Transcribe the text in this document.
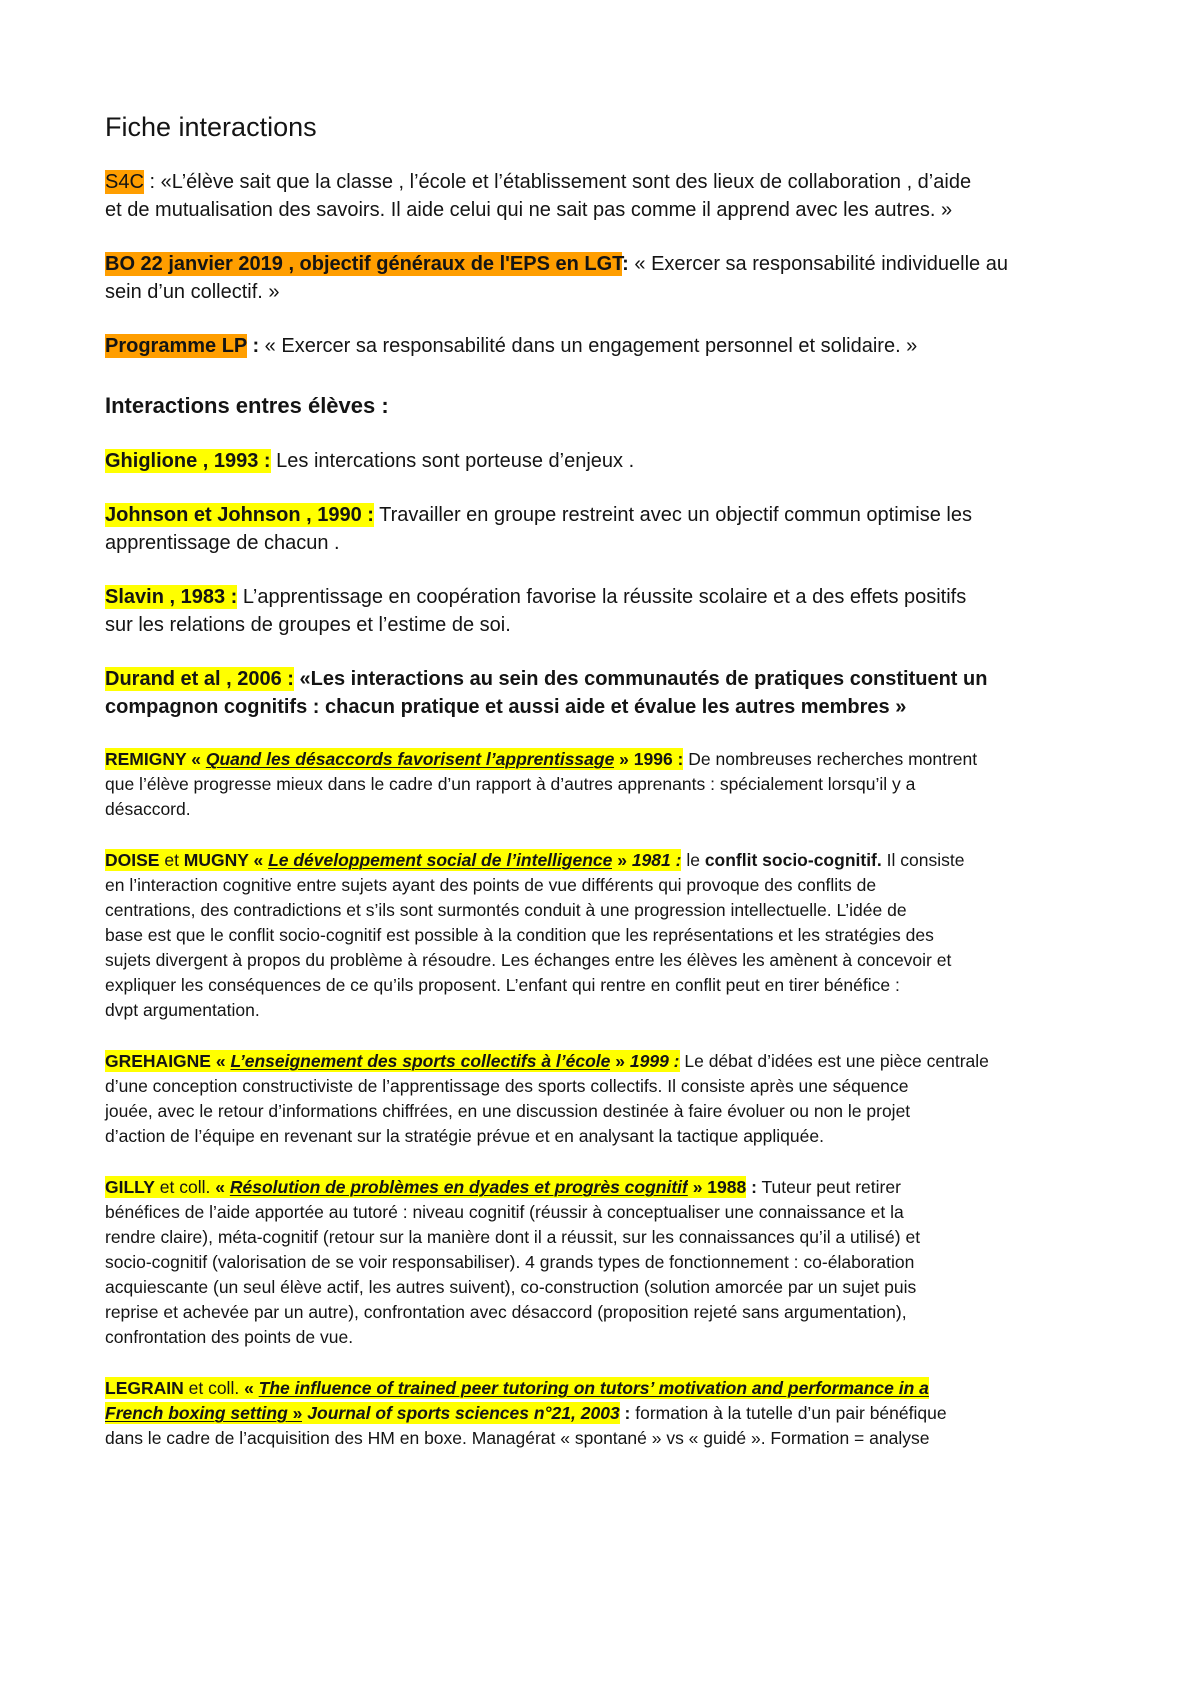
Fiche interactions

S4C : «L’élève sait que la classe , l’école et l’établissement sont des lieux de collaboration , d’aide
et de mutualisation des savoirs. Il aide celui qui ne sait pas comme il apprend avec les autres. »

BO 22 janvier 2019 , objectif généraux de l'EPS en LGT: « Exercer sa responsabilité individuelle au
sein d’un collectif. »

Programme LP : « Exercer sa responsabilité dans un engagement personnel et solidaire. »

Interactions entres élèves :

Ghiglione , 1993 : Les intercations sont porteuse d’enjeux .

Johnson et Johnson , 1990 : Travailler en groupe restreint avec un objectif commun optimise les
apprentissage de chacun .

Slavin , 1983 : L’apprentissage en coopération favorise la réussite scolaire et a des effets positifs
sur les relations de groupes et l’estime de soi.

Durand et al , 2006 : «Les interactions au sein des communautés de pratiques constituent un
compagnon cognitifs : chacun pratique et aussi aide et évalue les autres membres »

REMIGNY « Quand les désaccords favorisent l’apprentissage » 1996 : De nombreuses recherches montrent
que l’élève progresse mieux dans le cadre d’un rapport à d’autres apprenants : spécialement lorsqu’il y a
désaccord.

DOISE et MUGNY « Le développement social de l’intelligence » 1981 : le conflit socio-cognitif. Il consiste
en l’interaction cognitive entre sujets ayant des points de vue différents qui provoque des conflits de
centrations, des contradictions et s’ils sont surmontés conduit à une progression intellectuelle. L’idée de
base est que le conflit socio-cognitif est possible à la condition que les représentations et les stratégies des
sujets divergent à propos du problème à résoudre. Les échanges entre les élèves les amènent à concevoir et
expliquer les conséquences de ce qu’ils proposent. L’enfant qui rentre en conflit peut en tirer bénéfice :
dvpt argumentation.

GREHAIGNE « L’enseignement des sports collectifs à l’école » 1999 : Le débat d’idées est une pièce centrale
d’une conception constructiviste de l’apprentissage des sports collectifs. Il consiste après une séquence
jouée, avec le retour d’informations chiffrées, en une discussion destinée à faire évoluer ou non le projet
d’action de l’équipe en revenant sur la stratégie prévue et en analysant la tactique appliquée.

GILLY et coll. « Résolution de problèmes en dyades et progrès cognitif » 1988 : Tuteur peut retirer
bénéfices de l’aide apportée au tutoré : niveau cognitif (réussir à conceptualiser une connaissance et la
rendre claire), méta-cognitif (retour sur la manière dont il a réussit, sur les connaissances qu’il a utilisé) et
socio-cognitif (valorisation de se voir responsabiliser). 4 grands types de fonctionnement : co-élaboration
acquiescante (un seul élève actif, les autres suivent), co-construction (solution amorcée par un sujet puis
reprise et achevée par un autre), confrontation avec désaccord (proposition rejeté sans argumentation),
confrontation des points de vue.

LEGRAIN et coll. « The influence of trained peer tutoring on tutors’ motivation and performance in a
French boxing setting » Journal of sports sciences n°21, 2003 : formation à la tutelle d’un pair bénéfique
dans le cadre de l’acquisition des HM en boxe. Managérat « spontané » vs « guidé ». Formation = analyse
